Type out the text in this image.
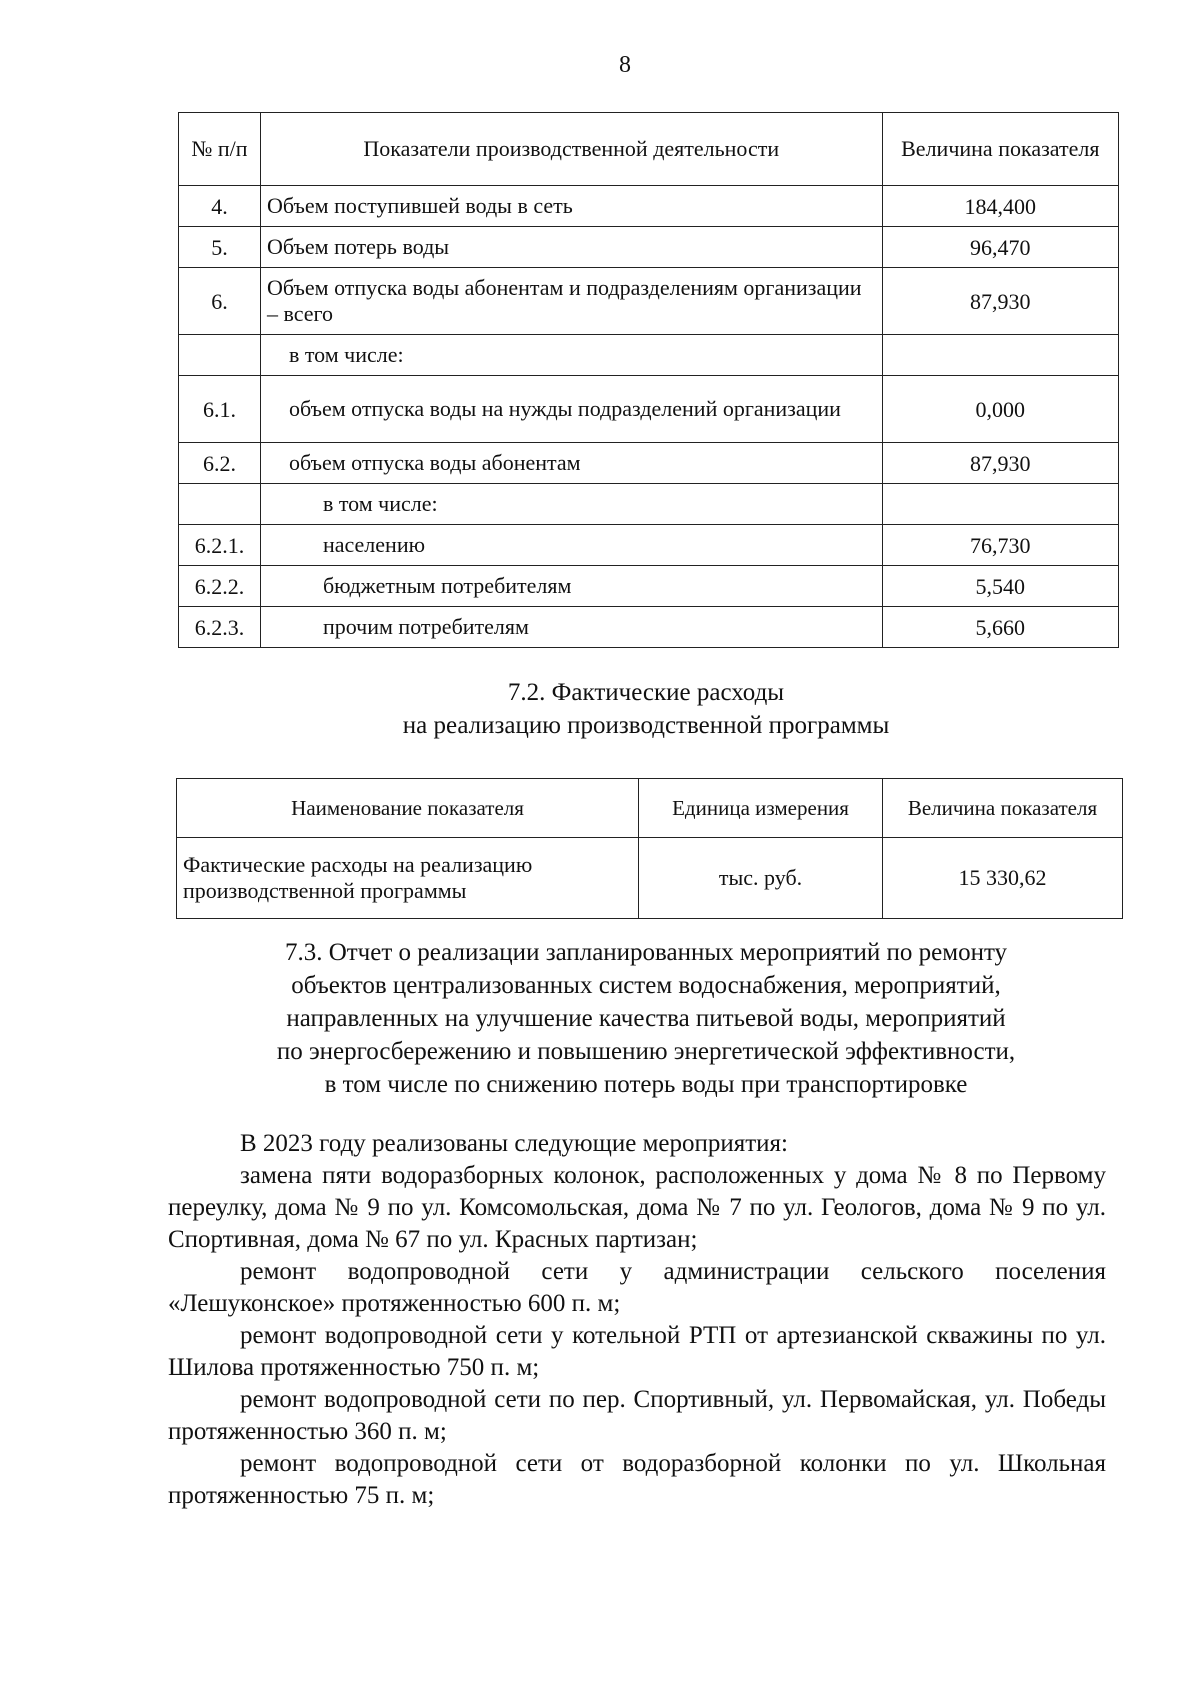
8
№ п/п	Показатели производственной деятельности	Величина показателя
4.	Объем поступившей воды в сеть	184,400
5.	Объем потерь воды	96,470
6.	Объем отпуска воды абонентам и подразделениям организации – всего	87,930
	в том числе:	
6.1.	объем отпуска воды на нужды подразделений организации	0,000
6.2.	объем отпуска воды абонентам	87,930
	в том числе:	
6.2.1.	населению	76,730
6.2.2.	бюджетным потребителям	5,540
6.2.3.	прочим потребителям	5,660
7.2. Фактические расходы
на реализацию производственной программы
Наименование показателя	Единица измерения	Величина показателя
Фактические расходы на реализацию производственной программы	тыс. руб.	15 330,62
7.3. Отчет о реализации запланированных мероприятий по ремонту
объектов централизованных систем водоснабжения, мероприятий,
направленных на улучшение качества питьевой воды, мероприятий
по энергосбережению и повышению энергетической эффективности,
в том числе по снижению потерь воды при транспортировке

В 2023 году реализованы следующие мероприятия:

замена пяти водоразборных колонок, расположенных у дома № 8 по Первому переулку, дома № 9 по ул. Комсомольская, дома № 7 по ул. Геологов, дома № 9 по ул. Спортивная, дома № 67 по ул. Красных партизан;

ремонт водопроводной сети у администрации сельского поселения «Лешуконское» протяженностью 600 п. м;

ремонт водопроводной сети у котельной РТП от артезианской скважины по ул. Шилова протяженностью 750 п. м;

ремонт водопроводной сети по пер. Спортивный, ул. Первомайская, ул. Победы протяженностью 360 п. м;

ремонт водопроводной сети от водоразборной колонки по ул. Школьная протяженностью 75 п. м;
